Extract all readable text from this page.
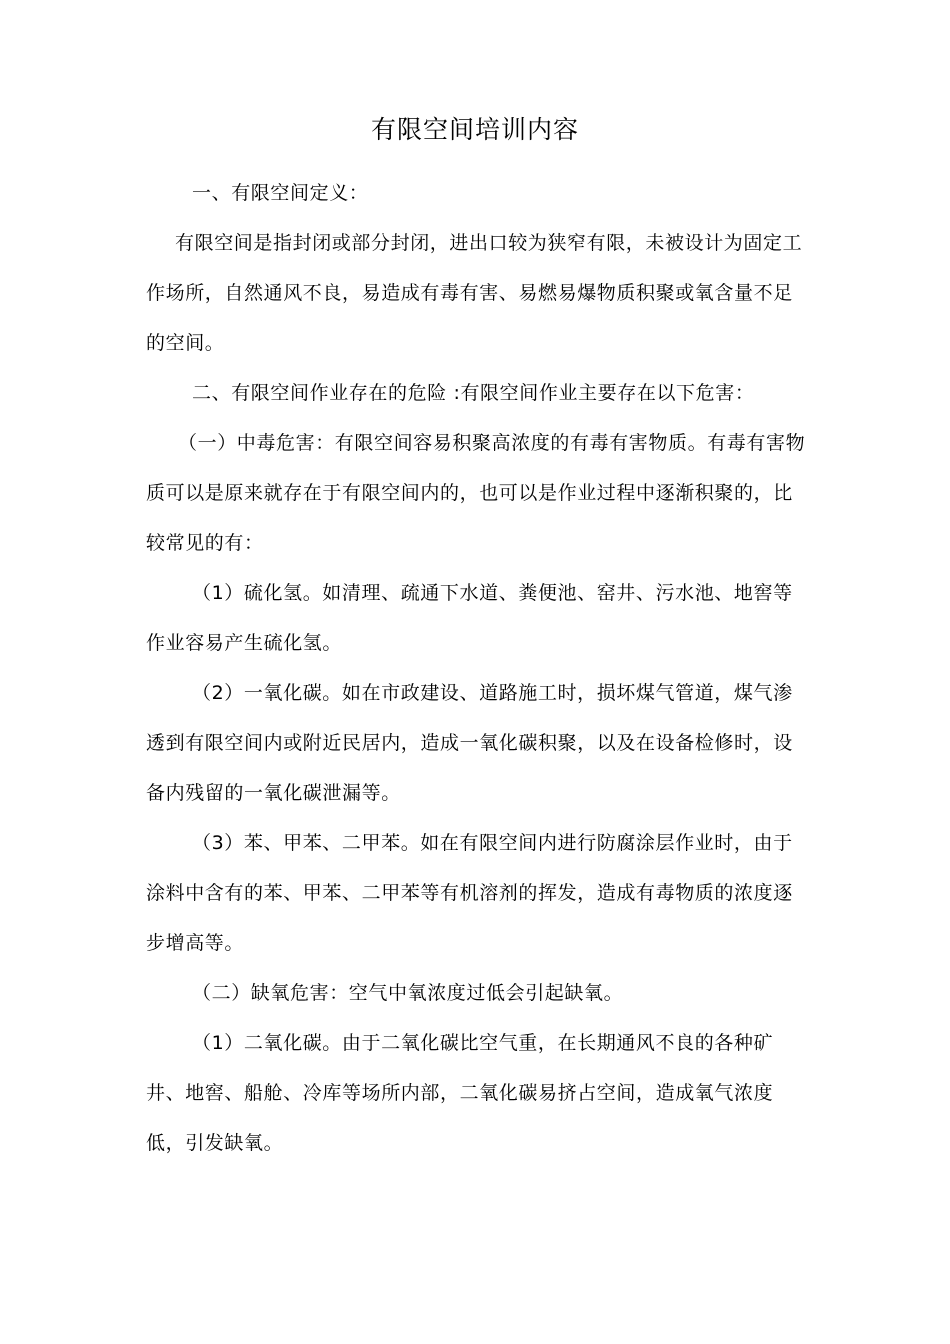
有限空间培训内容

一、有限空间定义：

有限空间是指封闭或部分封闭，进出口较为狭窄有限，未被设计为固定工作场所，自然通风不良，易造成有毒有害、易燃易爆物质积聚或氧含量不足的空间。

二、有限空间作业存在的危险 :有限空间作业主要存在以下危害：

（一）中毒危害：有限空间容易积聚高浓度的有毒有害物质。有毒有害物质可以是原来就存在于有限空间内的，也可以是作业过程中逐渐积聚的，比较常见的有：

（1）硫化氢。如清理、疏通下水道、粪便池、窑井、污水池、地窖等作业容易产生硫化氢。

（2）一氧化碳。如在市政建设、道路施工时，损坏煤气管道，煤气渗透到有限空间内或附近民居内，造成一氧化碳积聚，以及在设备检修时，设备内残留的一氧化碳泄漏等。

（3）苯、甲苯、二甲苯。如在有限空间内进行防腐涂层作业时，由于涂料中含有的苯、甲苯、二甲苯等有机溶剂的挥发，造成有毒物质的浓度逐步增高等。

（二）缺氧危害：空气中氧浓度过低会引起缺氧。

（1）二氧化碳。由于二氧化碳比空气重，在长期通风不良的各种矿井、地窖、船舱、冷库等场所内部，二氧化碳易挤占空间，造成氧气浓度低，引发缺氧。
